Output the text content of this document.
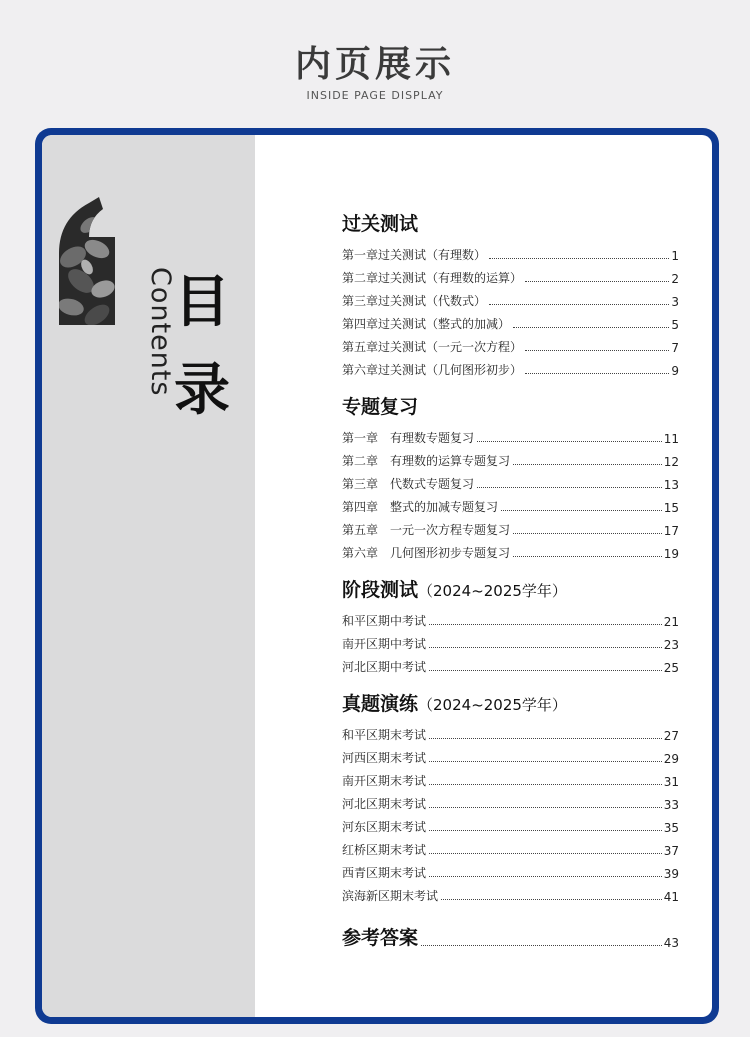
内页展示
INSIDE PAGE DISPLAY
Contents
目
录
过关测试
第一章过关测试（有理数）	1
第二章过关测试（有理数的运算）	2
第三章过关测试（代数式）	3
第四章过关测试（整式的加减）	5
第五章过关测试（一元一次方程）	7
第六章过关测试（几何图形初步）	9
专题复习
第一章　有理数专题复习	11
第二章　有理数的运算专题复习	12
第三章　代数式专题复习	13
第四章　整式的加减专题复习	15
第五章　一元一次方程专题复习	17
第六章　几何图形初步专题复习	19
阶段测试（2024~2025学年）
和平区期中考试	21
南开区期中考试	23
河北区期中考试	25
真题演练（2024~2025学年）
和平区期末考试	27
河西区期末考试	29
南开区期末考试	31
河北区期末考试	33
河东区期末考试	35
红桥区期末考试	37
西青区期末考试	39
滨海新区期末考试	41
参考答案	43
